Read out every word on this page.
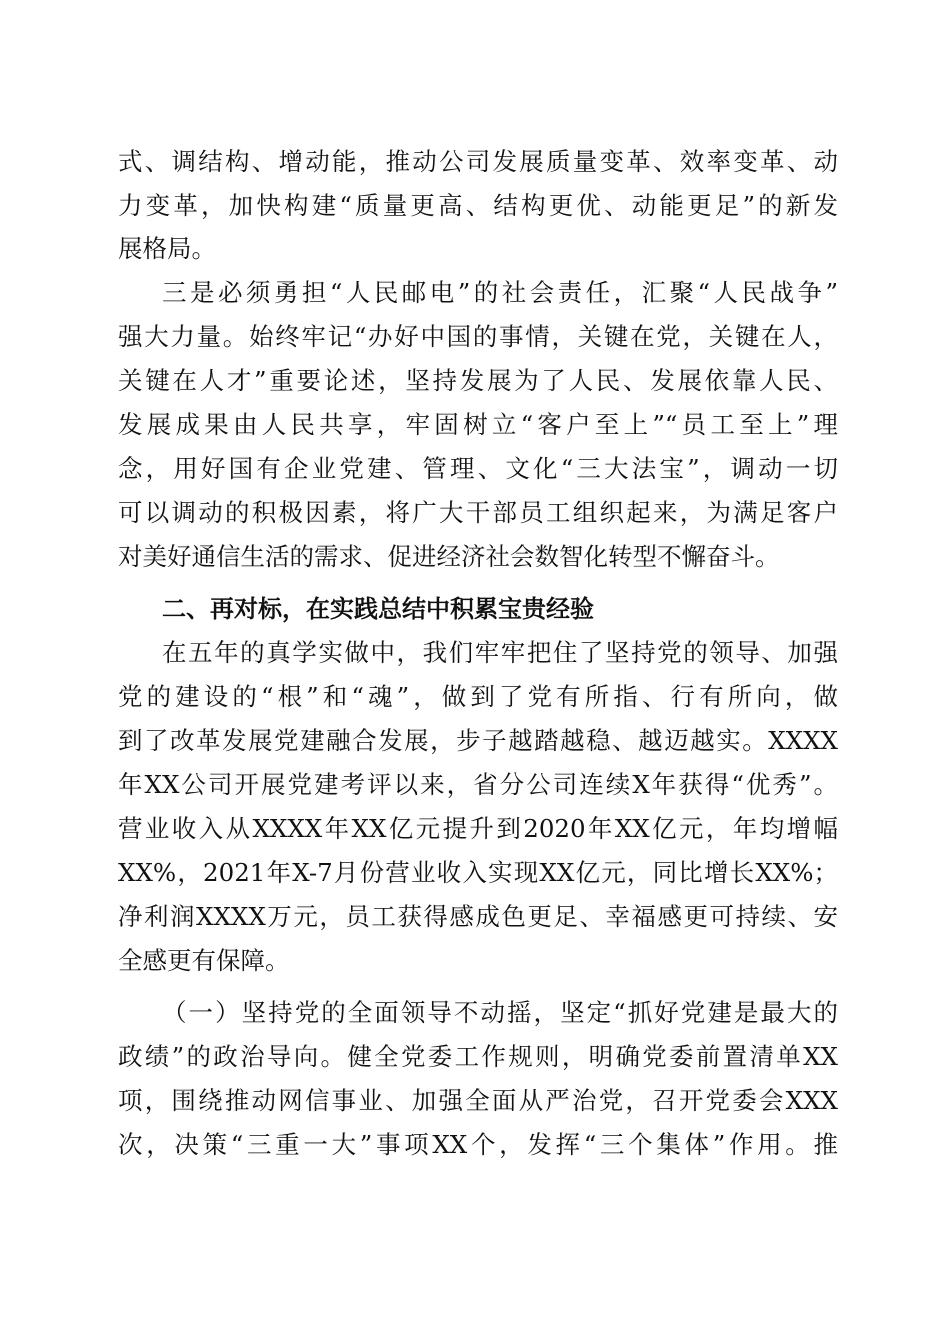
式、调结构、增动能，推动公司发展质量变革、效率变革、动
力变革，加快构建“质量更高、结构更优、动能更足”的新发
展格局。
三是必须勇担“人民邮电”的社会责任，汇聚“人民战争”
强大力量。始终牢记“办好中国的事情，关键在党，关键在人，
关键在人才”重要论述，坚持发展为了人民、发展依靠人民、
发展成果由人民共享，牢固树立“客户至上”“员工至上”理
念，用好国有企业党建、管理、文化“三大法宝”，调动一切
可以调动的积极因素，将广大干部员工组织起来，为满足客户
对美好通信生活的需求、促进经济社会数智化转型不懈奋斗。
二、再对标，在实践总结中积累宝贵经验
在五年的真学实做中，我们牢牢把住了坚持党的领导、加强
党的建设的“根”和“魂”，做到了党有所指、行有所向，做
到了改革发展党建融合发展，步子越踏越稳、越迈越实。XXXX
年XX公司开展党建考评以来，省分公司连续X年获得“优秀”。
营业收入从XXXX年XX亿元提升到2020年XX亿元，年均增幅
XX%，2021年X-7月份营业收入实现XX亿元，同比增长XX%；
净利润XXXX万元，员工获得感成色更足、幸福感更可持续、安
全感更有保障。
（一）坚持党的全面领导不动摇，坚定“抓好党建是最大的
政绩”的政治导向。健全党委工作规则，明确党委前置清单XX
项，围绕推动网信事业、加强全面从严治党，召开党委会XXX
次，决策“三重一大”事项XX个，发挥“三个集体”作用。推
